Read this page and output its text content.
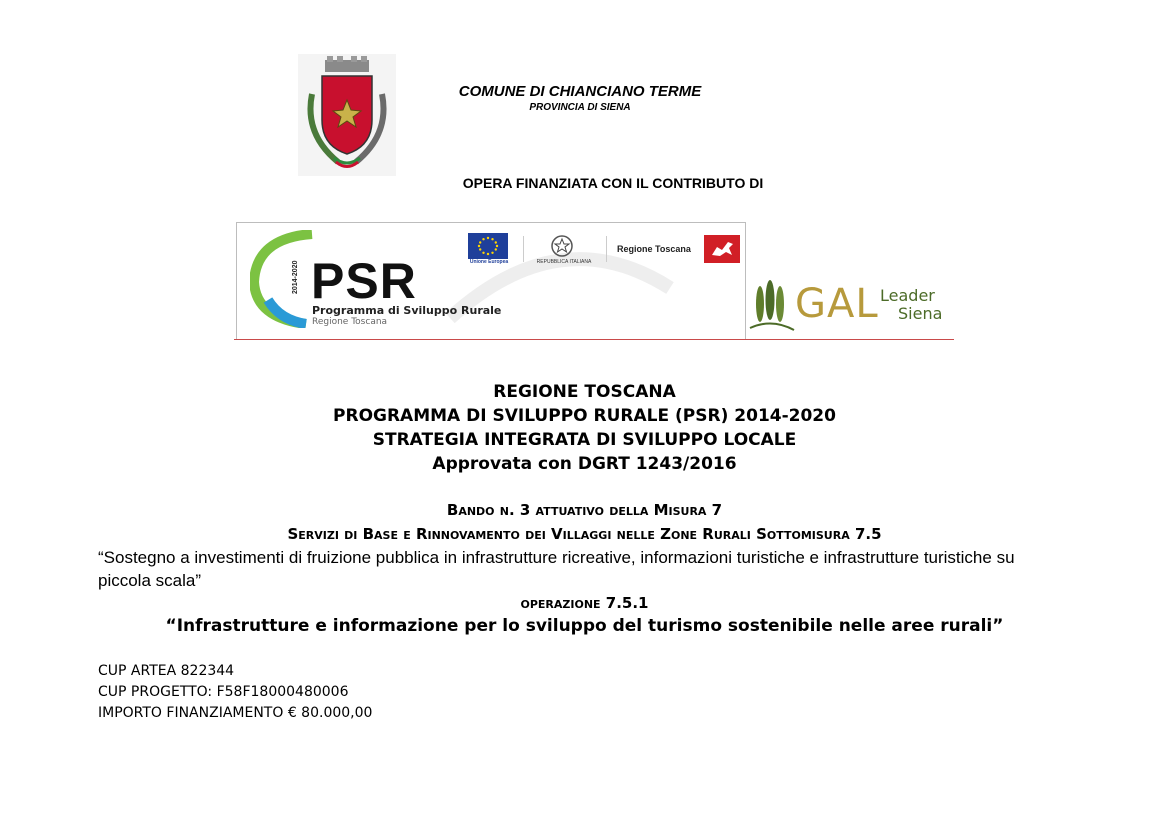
COMUNE DI CHIANCIANO TERME
PROVINCIA DI SIENA
OPERA FINANZIATA CON IL CONTRIBUTO DI
2014-2020 PSR
Programma di Sviluppo Rurale
Regione Toscana
Unione Europea	REPUBBLICA ITALIANA
Regione Toscana
GAL Leader
Siena
REGIONE TOSCANA
PROGRAMMA DI SVILUPPO RURALE (PSR) 2014-2020
STRATEGIA INTEGRATA DI SVILUPPO LOCALE
Approvata con DGRT 1243/2016
Bando n. 3 attuativo della Misura 7
Servizi di Base e Rinnovamento dei Villaggi nelle Zone Rurali Sottomisura 7.5
“Sostegno a investimenti di fruizione pubblica in infrastrutture ricreative, informazioni turistiche e infrastrutture turistiche su piccola scala”
operazione 7.5.1
“Infrastrutture e informazione per lo sviluppo del turismo sostenibile nelle aree rurali”
CUP ARTEA 822344
CUP PROGETTO: F58F18000480006
IMPORTO FINANZIAMENTO € 80.000,00
